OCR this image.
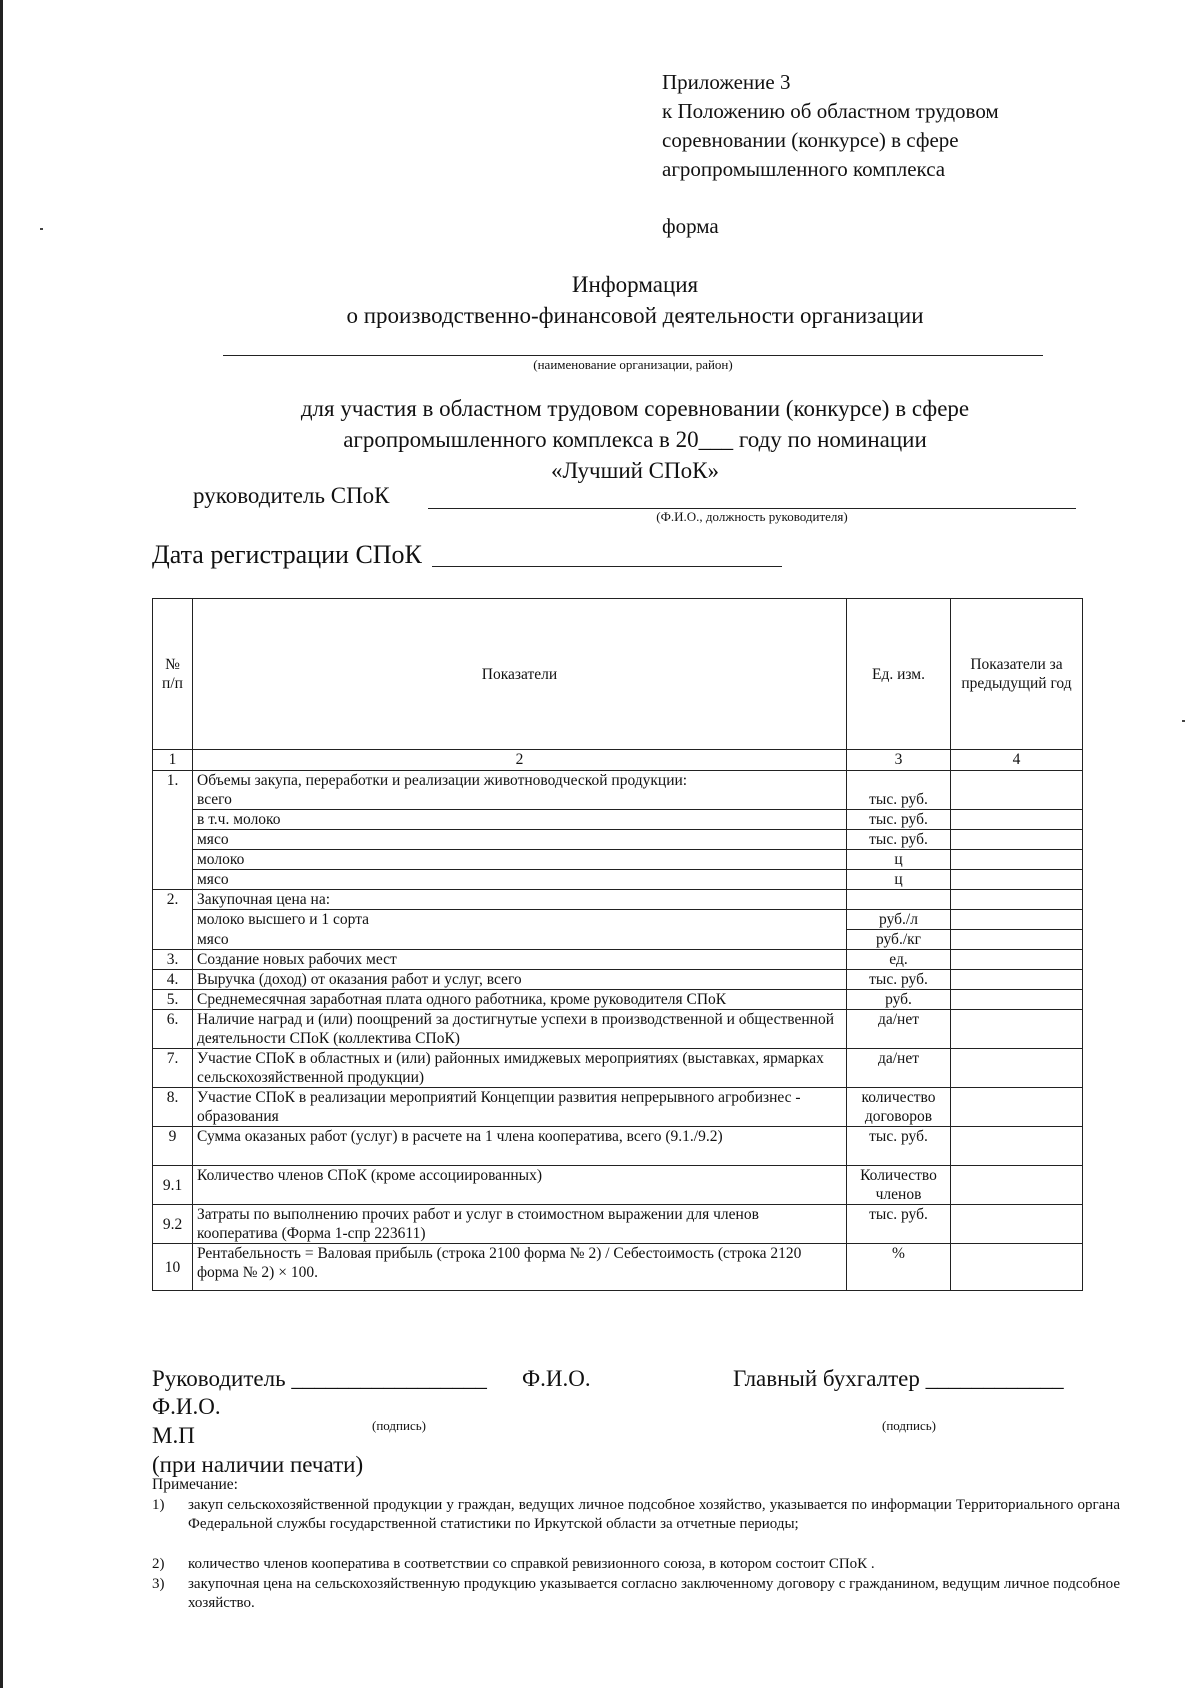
Приложение 3
к Положению об областном трудовом
соревновании (конкурсе) в сфере
агропромышленного комплекса
форма
Информация
о производственно-финансовой деятельности организации
(наименование организации, район)
для участия в областном трудовом соревновании (конкурсе) в сфере
агропромышленного комплекса в 20___ году по номинации
«Лучший СПоК»
руководитель СПоК
(Ф.И.О., должность руководителя)
Дата регистрации СПоК
№ п/п	Показатели	Ед. изм.	Показатели за предыдущий год
1	2	3	4
1.	Объемы закупа, переработки и реализации животноводческой продукции:		
	всего	тыс. руб.	
	в т.ч. молоко	тыс. руб.	
	мясо	тыс. руб.	
	молоко	ц	
	мясо	ц	
2.	Закупочная цена на:		
	молоко высшего и 1 сорта	руб./л	
	мясо	руб./кг	
3.	Создание новых рабочих мест	ед.	
4.	Выручка (доход) от оказания работ и услуг, всего	тыс. руб.	
5.	Среднемесячная заработная плата одного работника, кроме руководителя СПоК	руб.	
6.	Наличие наград и (или) поощрений за достигнутые успехи в производственной и общественной деятельности СПоК (коллектива СПоК)	да/нет	
7.	Участие СПоК в областных и (или) районных имиджевых мероприятиях (выставках, ярмарках сельскохозяйственной продукции)	да/нет	
8.	Участие СПоК в реализации мероприятий Концепции развития непрерывного агробизнес - образования	количество договоров	
9	Сумма оказаных работ (услуг) в расчете на 1 члена кооператива, всего (9.1./9.2)	тыс. руб.	
9.1	Количество членов СПоК (кроме ассоциированных)	Количество членов	
9.2	Затраты по выполнению прочих работ и услуг в стоимостном выражении для членов кооператива (Форма 1-спр 223611)	тыс. руб.	
10	Рентабельность = Валовая прибыль (строка 2100 форма № 2) / Себестоимость (строка 2120 форма № 2) × 100.	%	
Руководитель _________________ Ф.И.О.	Главный бухгалтер ____________
Ф.И.О.
М.П	(подпись)	(подпись)
(при наличии печати)
Примечание:
1) закуп сельскохозяйственной продукции у граждан, ведущих личное подсобное хозяйство, указывается по информации Территориального органа Федеральной службы государственной статистики по Иркутской области за отчетные периоды;
2) количество членов кооператива в соответствии со справкой ревизионного союза, в котором состоит СПоК .
3) закупочная цена на сельскохозяйственную продукцию указывается согласно заключенному договору с гражданином, ведущим личное подсобное хозяйство.
